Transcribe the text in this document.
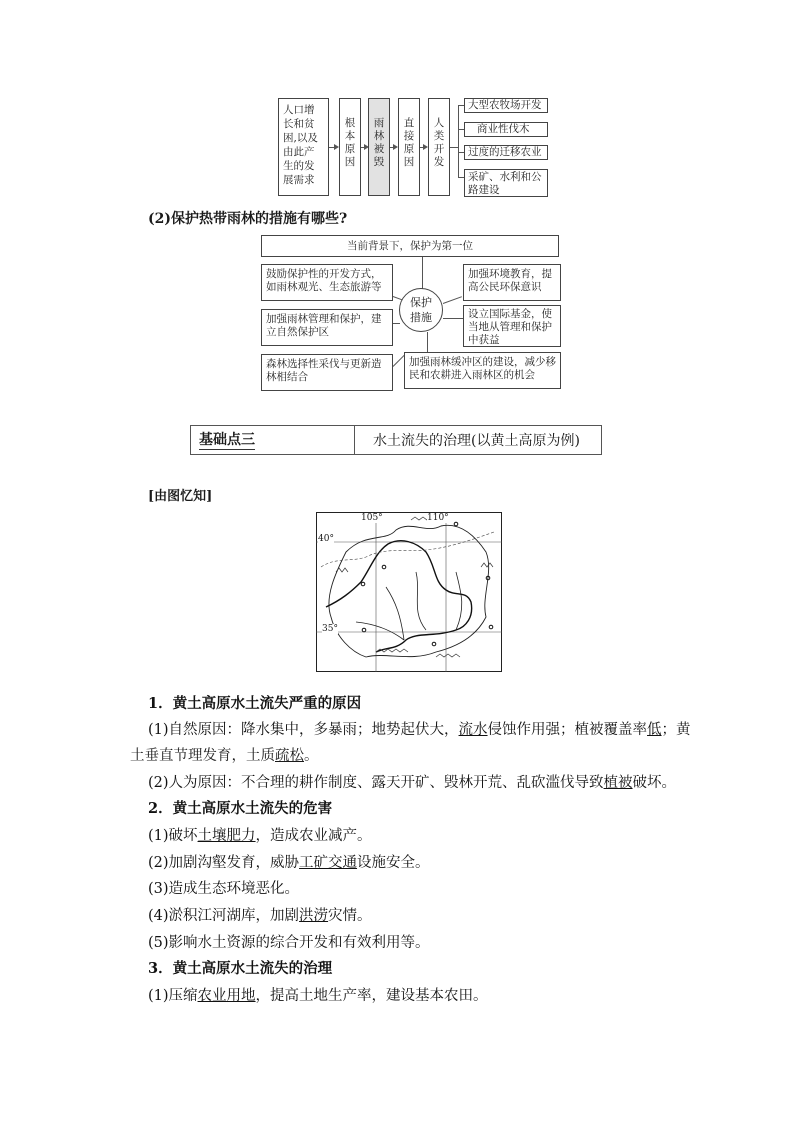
人口增长和贫困,以及由此产生的发展需求
根本原因
雨林被毁
直接原因
人类开发
大型农牧场开发
商业性伐木
过度的迁移农业
采矿、水利和公路建设
(2)保护热带雨林的措施有哪些?
当前背景下，保护为第一位
保护措施
鼓励保护性的开发方式，如雨林观光、生态旅游等
加强雨林管理和保护，建立自然保护区
森林选择性采伐与更新造林相结合
加强环境教育，提高公民环保意识
设立国际基金，使当地从管理和保护中获益
加强雨林缓冲区的建设，减少移民和农耕进入雨林区的机会
基础点三	水土流失的治理(以黄土高原为例)
[由图忆知]
105°	110°
40°
35°
1．黄土高原水土流失严重的原因
(1)自然原因：降水集中，多暴雨；地势起伏大，流水侵蚀作用强；植被覆盖率低；黄
土垂直节理发育，土质疏松。
(2)人为原因：不合理的耕作制度、露天开矿、毁林开荒、乱砍滥伐导致植被破坏。
2．黄土高原水土流失的危害
(1)破坏土壤肥力，造成农业减产。
(2)加剧沟壑发育，威胁工矿交通设施安全。
(3)造成生态环境恶化。
(4)淤积江河湖库，加剧洪涝灾情。
(5)影响水土资源的综合开发和有效利用等。
3．黄土高原水土流失的治理
(1)压缩农业用地，提高土地生产率，建设基本农田。
